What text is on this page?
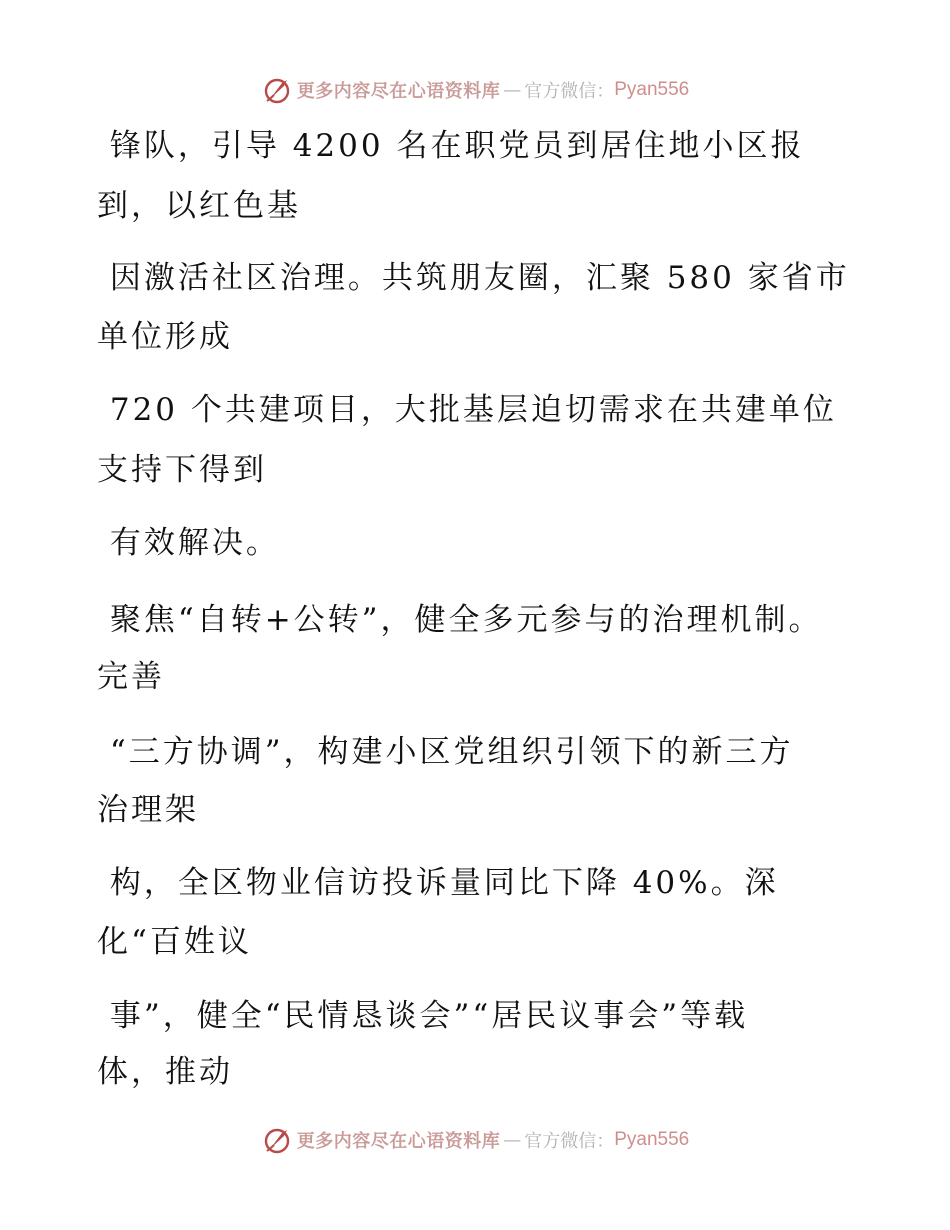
更多内容尽在心语资料库 — 官方微信： Pyan556

锋队，引导 4200 名在职党员到居住地小区报

到，以红色基

因激活社区治理。共筑朋友圈，汇聚 580 家省市

单位形成

720 个共建项目，大批基层迫切需求在共建单位

支持下得到

有效解决。

聚焦“自转+公转”，健全多元参与的治理机制。

完善

“三方协调”，构建小区党组织引领下的新三方

治理架

构，全区物业信访投诉量同比下降 40%。深

化“百姓议

事”，健全“民情恳谈会”“居民议事会”等载

体，推动

更多内容尽在心语资料库 — 官方微信： Pyan556
